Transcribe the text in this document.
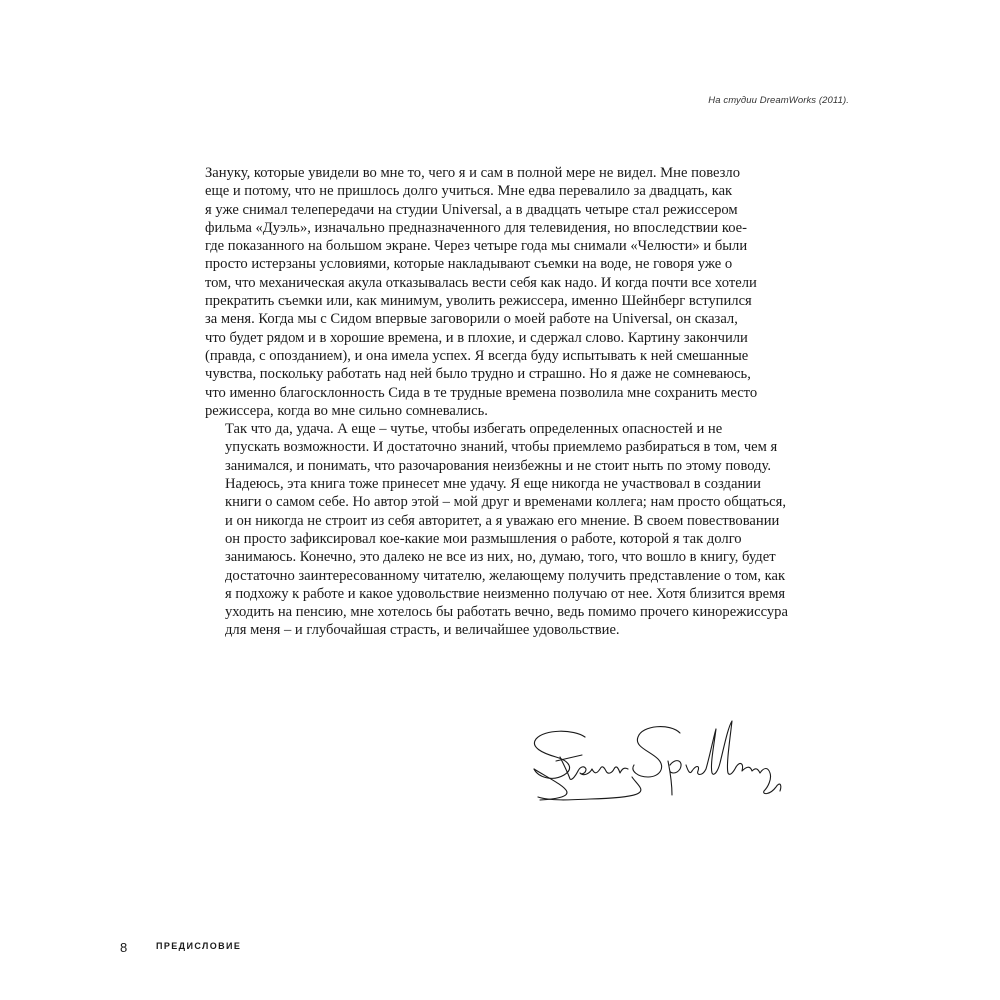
На студии DreamWorks (2011).

Зануку, которые увидели во мне то, чего я и сам в полной мере не видел. Мне повезло
еще и потому, что не пришлось долго учиться. Мне едва перевалило за двадцать, как
я уже снимал телепередачи на студии Universal, а в двадцать четыре стал режиссером
фильма «Дуэль», изначально предназначенного для телевидения, но впоследствии кое-
где показанного на большом экране. Через четыре года мы снимали «Челюсти» и были
просто истерзаны условиями, которые накладывают съемки на воде, не говоря уже о
том, что механическая акула отказывалась вести себя как надо. И когда почти все хотели
прекратить съемки или, как минимум, уволить режиссера, именно Шейнберг вступился
за меня. Когда мы с Сидом впервые заговорили о моей работе на Universal, он сказал,
что будет рядом и в хорошие времена, и в плохие, и сдержал слово. Картину закончили
(правда, с опозданием), и она имела успех. Я всегда буду испытывать к ней смешанные
чувства, поскольку работать над ней было трудно и страшно. Но я даже не сомневаюсь,
что именно благосклонность Сида в те трудные времена позволила мне сохранить место
режиссера, когда во мне сильно сомневались.

Так что да, удача. А еще – чутье, чтобы избегать определенных опасностей и не
упускать возможности. И достаточно знаний, чтобы приемлемо разбираться в том, чем я
занимался, и понимать, что разочарования неизбежны и не стоит ныть по этому поводу.

Надеюсь, эта книга тоже принесет мне удачу. Я еще никогда не участвовал в создании
книги о самом себе. Но автор этой – мой друг и временами коллега; нам просто общаться,
и он никогда не строит из себя авторитет, а я уважаю его мнение. В своем повествовании
он просто зафиксировал кое-какие мои размышления о работе, которой я так долго
занимаюсь. Конечно, это далеко не все из них, но, думаю, того, что вошло в книгу, будет
достаточно заинтересованному читателю, желающему получить представление о том, как
я подхожу к работе и какое удовольствие неизменно получаю от нее. Хотя близится время
уходить на пенсию, мне хотелось бы работать вечно, ведь помимо прочего кинорежиссура
для меня – и глубочайшая страсть, и величайшее удовольствие.

8	ПРЕДИСЛОВИЕ
